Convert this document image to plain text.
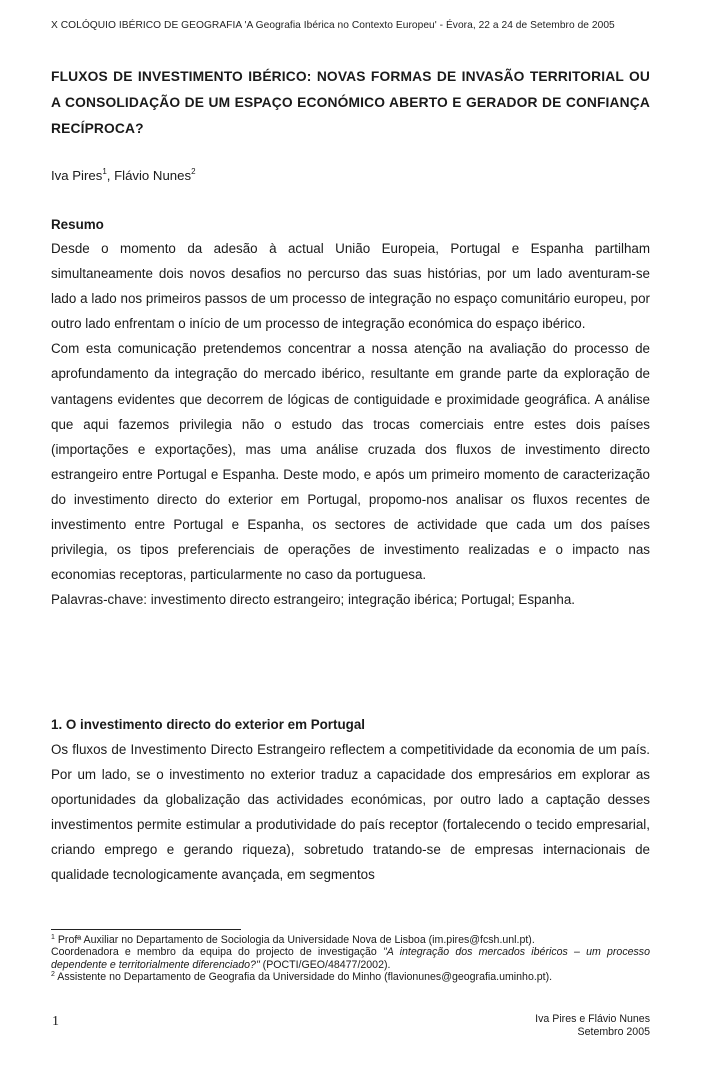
X COLÓQUIO IBÉRICO DE GEOGRAFIA 'A Geografia Ibérica no Contexto Europeu' - Évora, 22 a 24 de Setembro de 2005
FLUXOS DE INVESTIMENTO IBÉRICO: NOVAS FORMAS DE INVASÃO TERRITORIAL OU A CONSOLIDAÇÃO DE UM ESPAÇO ECONÓMICO ABERTO E GERADOR DE CONFIANÇA RECÍPROCA?
Iva Pires$^1$, Flávio Nunes$^2$
Resumo

Desde o momento da adesão à actual União Europeia, Portugal e Espanha partilham simultaneamente dois novos desafios no percurso das suas histórias, por um lado aventuram-se lado a lado nos primeiros passos de um processo de integração no espaço comunitário europeu, por outro lado enfrentam o início de um processo de integração económica do espaço ibérico.

Com esta comunicação pretendemos concentrar a nossa atenção na avaliação do processo de aprofundamento da integração do mercado ibérico, resultante em grande parte da exploração de vantagens evidentes que decorrem de lógicas de contiguidade e proximidade geográfica. A análise que aqui fazemos privilegia não o estudo das trocas comerciais entre estes dois países (importações e exportações), mas uma análise cruzada dos fluxos de investimento directo estrangeiro entre Portugal e Espanha. Deste modo, e após um primeiro momento de caracterização do investimento directo do exterior em Portugal, propomo-nos analisar os fluxos recentes de investimento entre Portugal e Espanha, os sectores de actividade que cada um dos países privilegia, os tipos preferenciais de operações de investimento realizadas e o impacto nas economias receptoras, particularmente no caso da portuguesa.

Palavras-chave: investimento directo estrangeiro; integração ibérica; Portugal; Espanha.

1. O investimento directo do exterior em Portugal

Os fluxos de Investimento Directo Estrangeiro reflectem a competitividade da economia de um país. Por um lado, se o investimento no exterior traduz a capacidade dos empresários em explorar as oportunidades da globalização das actividades económicas, por outro lado a captação desses investimentos permite estimular a produtividade do país receptor (fortalecendo o tecido empresarial, criando emprego e gerando riqueza), sobretudo tratando-se de empresas internacionais de qualidade tecnologicamente avançada, em segmentos

$^1$ Profª Auxiliar no Departamento de Sociologia da Universidade Nova de Lisboa (im.pires@fcsh.unl.pt).

Coordenadora e membro da equipa do projecto de investigação "A integração dos mercados ibéricos – um processo dependente e territorialmente diferenciado?" (POCTI/GEO/48477/2002).

$^2$ Assistente no Departamento de Geografia da Universidade do Minho (flavionunes@geografia.uminho.pt).

1	Iva Pires e Flávio Nunes
Setembro 2005
